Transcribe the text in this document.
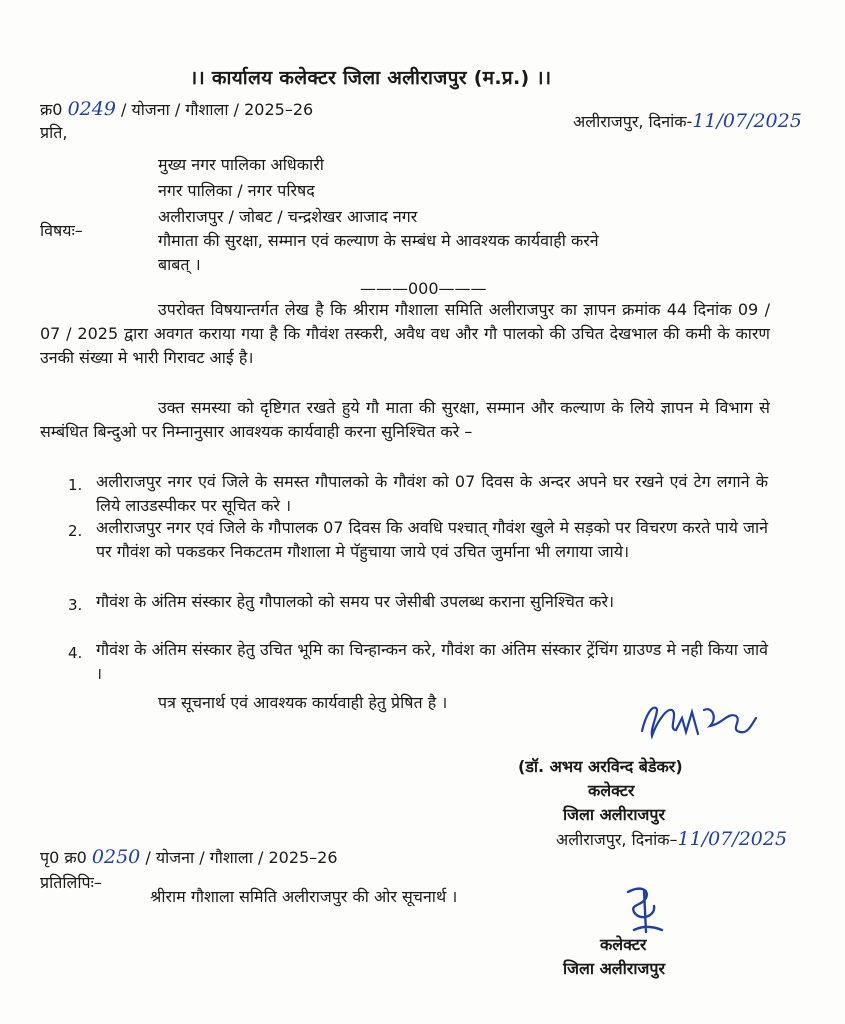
।। कार्यालय कलेक्टर जिला अलीराजपुर (म.प्र.) ।।
क्र0 0249 / योजना / गौशाला / 2025–26
अलीराजपुर, दिनांक-11/07/2025
प्रति,
मुख्य नगर पालिका अधिकारी
नगर पालिका / नगर परिषद
अलीराजपुर / जोबट / चन्द्रशेखर आजाद नगर
विषयः–
गौमाता की सुरक्षा, सम्मान एवं कल्याण के सम्बंध मे आवश्यक कार्यवाही करने
बाबत् ।
———000———
उपरोक्त विषयान्तर्गत लेख है कि श्रीराम गौशाला समिति अलीराजपुर का ज्ञापन क्रमांक 44 दिनांक 09 / 07 / 2025 द्वारा अवगत कराया गया है कि गौवंश तस्करी, अवैध वध और गौ पालको की उचित देखभाल की कमी के कारण उनकी संख्या मे भारी गिरावट आई है।
उक्त समस्या को दृष्टिगत रखते हुये गौ माता की सुरक्षा, सम्मान और कल्याण के लिये ज्ञापन मे विभाग से सम्बंधित बिन्दुओ पर निम्नानुसार आवश्यक कार्यवाही करना सुनिश्चित करे –
1. अलीराजपुर नगर एवं जिले के समस्त गौपालको के गौवंश को 07 दिवस के अन्दर अपने घर रखने एवं टेग लगाने के लिये लाउडस्पीकर पर सूचित करे ।
2. अलीराजपुर नगर एवं जिले के गौपालक 07 दिवस कि अवधि पश्चात् गौवंश खुले मे सड़को पर विचरण करते पाये जाने पर गौवंश को पकडकर निकटतम गौशाला मे पॅहुचाया जाये एवं उचित जुर्माना भी लगाया जाये।
3. गौवंश के अंतिम संस्कार हेतु गौपालको को समय पर जेसीबी उपलब्ध कराना सुनिश्चित करे।
4. गौवंश के अंतिम संस्कार हेतु उचित भूमि का चिन्हान्कन करे, गौवंश का अंतिम संस्कार ट्रेंचिंग ग्राउण्ड मे नही किया जावे ।
पत्र सूचनार्थ एवं आवश्यक कार्यवाही हेतु प्रेषित है ।
(डॉ. अभय अरविन्द बेडेकर)
कलेक्टर
जिला अलीराजपुर
अलीराजपुर, दिनांक–11/07/2025
पृ0 क्र0 0250 / योजना / गौशाला / 2025–26
प्रतिलिपिः–
श्रीराम गौशाला समिति अलीराजपुर की ओर सूचनार्थ ।
कलेक्टर
जिला अलीराजपुर
